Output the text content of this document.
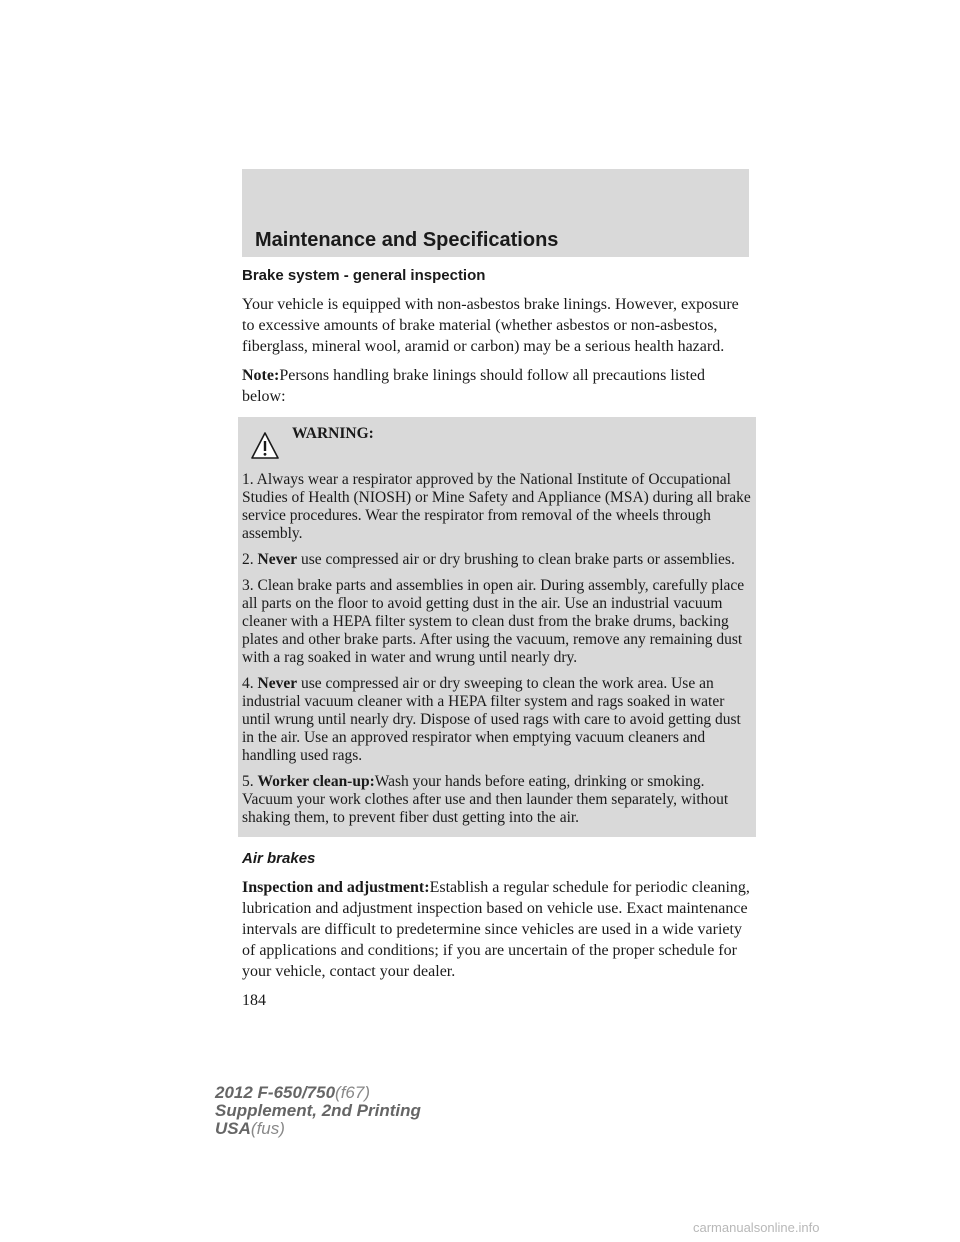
Maintenance and Specifications

Brake system - general inspection

Your vehicle is equipped with non-asbestos brake linings. However, exposure to excessive amounts of brake material (whether asbestos or non-asbestos, fiberglass, mineral wool, aramid or carbon) may be a serious health hazard.

Note:Persons handling brake linings should follow all precautions listed below:

WARNING:

1. Always wear a respirator approved by the National Institute of Occupational Studies of Health (NIOSH) or Mine Safety and Appliance (MSA) during all brake service procedures. Wear the respirator from removal of the wheels through assembly.

2. Never use compressed air or dry brushing to clean brake parts or assemblies.

3. Clean brake parts and assemblies in open air. During assembly, carefully place all parts on the floor to avoid getting dust in the air. Use an industrial vacuum cleaner with a HEPA filter system to clean dust from the brake drums, backing plates and other brake parts. After using the vacuum, remove any remaining dust with a rag soaked in water and wrung until nearly dry.

4. Never use compressed air or dry sweeping to clean the work area. Use an industrial vacuum cleaner with a HEPA filter system and rags soaked in water until wrung until nearly dry. Dispose of used rags with care to avoid getting dust in the air. Use an approved respirator when emptying vacuum cleaners and handling used rags.

5. Worker clean-up:Wash your hands before eating, drinking or smoking. Vacuum your work clothes after use and then launder them separately, without shaking them, to prevent fiber dust getting into the air.

Air brakes

Inspection and adjustment:Establish a regular schedule for periodic cleaning, lubrication and adjustment inspection based on vehicle use. Exact maintenance intervals are difficult to predetermine since vehicles are used in a wide variety of applications and conditions; if you are uncertain of the proper schedule for your vehicle, contact your dealer.

184

2012 F-650/750(f67)
Supplement, 2nd Printing
USA(fus)
carmanualsonline.info
